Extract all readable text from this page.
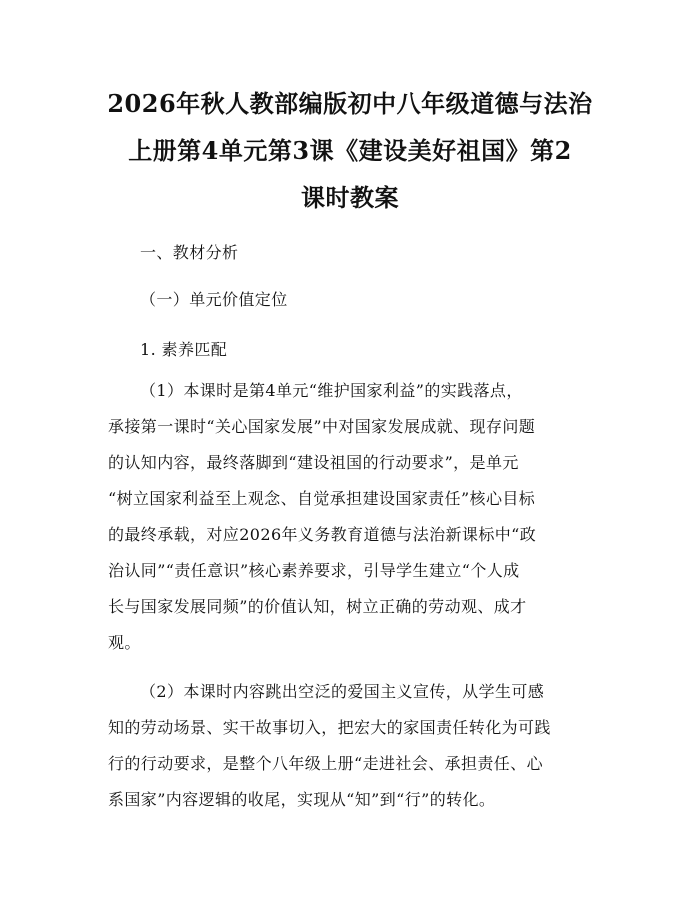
2026年秋人教部编版初中八年级道德与法治
上册第4单元第3课《建设美好祖国》第2
课时教案
一、教材分析
（一）单元价值定位
1. 素养匹配
（1）本课时是第4单元“维护国家利益”的实践落点，
承接第一课时“关心国家发展”中对国家发展成就、现存问题
的认知内容，最终落脚到“建设祖国的行动要求”，是单元
“树立国家利益至上观念、自觉承担建设国家责任”核心目标
的最终承载，对应2026年义务教育道德与法治新课标中“政
治认同”“责任意识”核心素养要求，引导学生建立“个人成
长与国家发展同频”的价值认知，树立正确的劳动观、成才
观。
（2）本课时内容跳出空泛的爱国主义宣传，从学生可感
知的劳动场景、实干故事切入，把宏大的家国责任转化为可践
行的行动要求，是整个八年级上册“走进社会、承担责任、心
系国家”内容逻辑的收尾，实现从“知”到“行”的转化。
